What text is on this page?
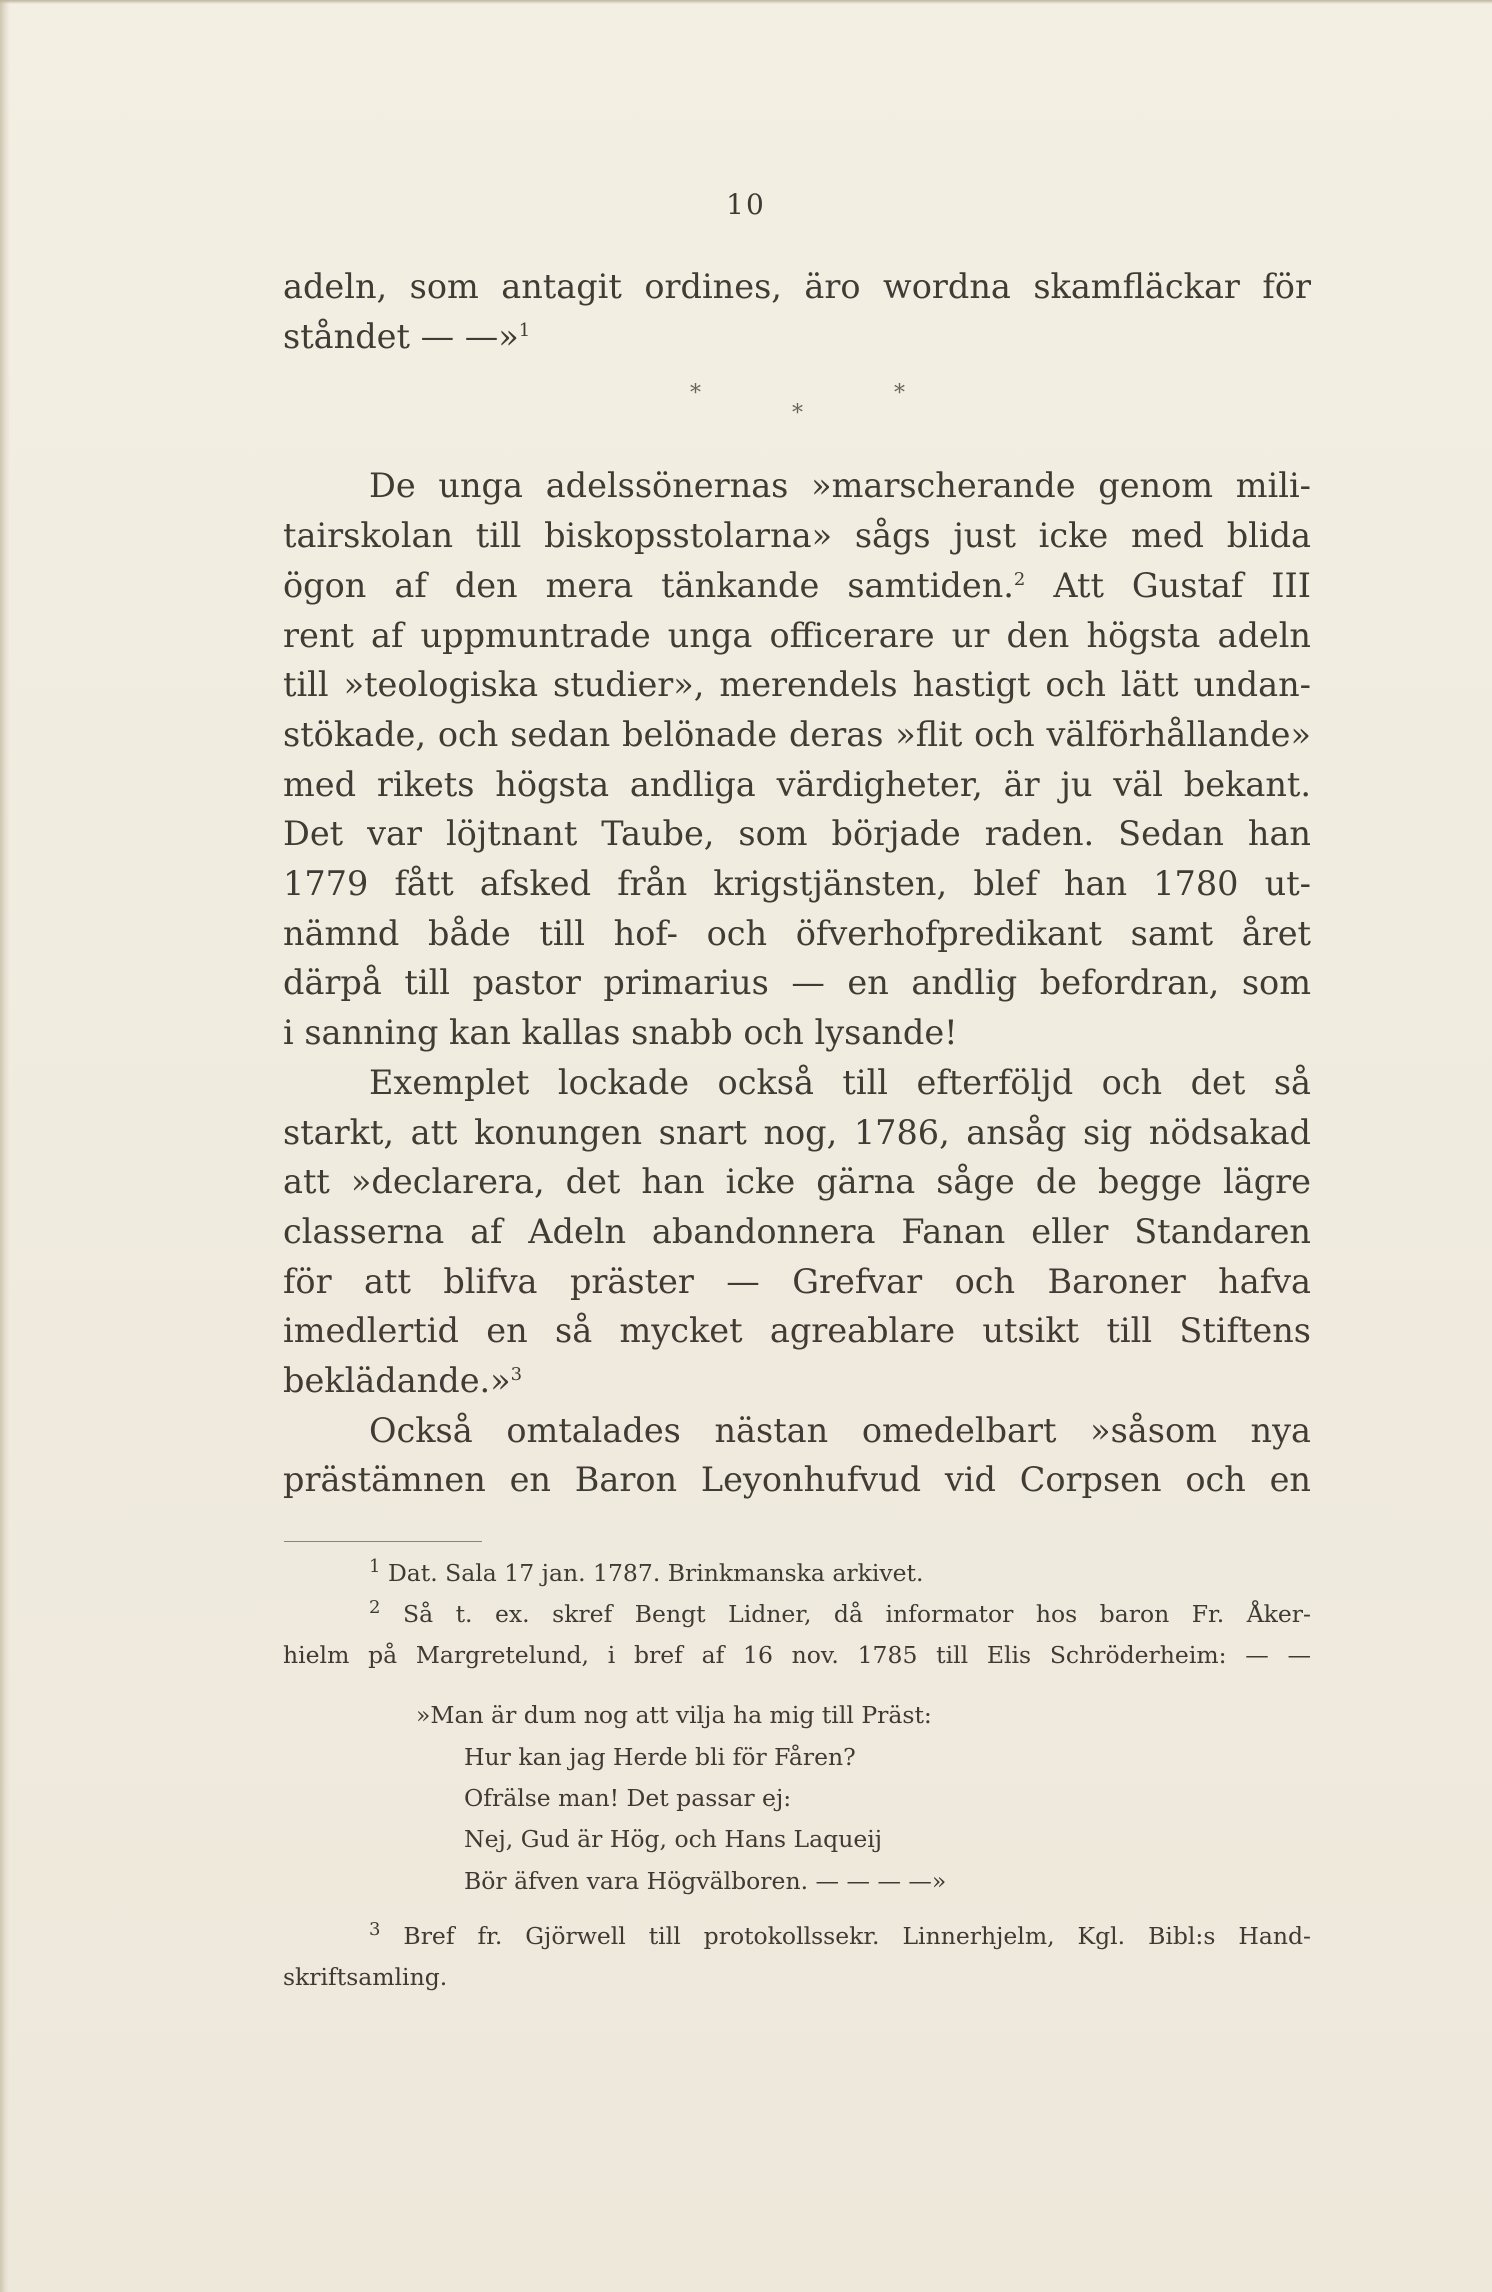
10
adeln, som antagit ordines, äro wordna skamfläckar för
ståndet — —»$^1$
*	*
*
De unga adelssönernas »marscherande genom mili-
tairskolan till biskopsstolarna» sågs just icke med blida
ögon af den mera tänkande samtiden.$^2$ Att Gustaf III
rent af uppmuntrade unga officerare ur den högsta adeln
till »teologiska studier», merendels hastigt och lätt undan-
stökade, och sedan belönade deras »flit och välförhållande»
med rikets högsta andliga värdigheter, är ju väl bekant.
Det var löjtnant Taube, som började raden. Sedan han
1779 fått afsked från krigstjänsten, blef han 1780 ut-
nämnd både till hof- och öfverhofpredikant samt året
därpå till pastor primarius — en andlig befordran, som
i sanning kan kallas snabb och lysande!
Exemplet lockade också till efterföljd och det så
starkt, att konungen snart nog, 1786, ansåg sig nödsakad
att »declarera, det han icke gärna såge de begge lägre
classerna af Adeln abandonnera Fanan eller Standaren
för att blifva präster — Grefvar och Baroner hafva
imedlertid en så mycket agreablare utsikt till Stiftens
beklädande.»$^3$
Också omtalades nästan omedelbart »såsom nya
prästämnen en Baron Leyonhufvud vid Corpsen och en
$^1$ Dat. Sala 17 jan. 1787. Brinkmanska arkivet.
$^2$ Så t. ex. skref Bengt Lidner, då informator hos baron Fr. Åker-
hielm på Margretelund, i bref af 16 nov. 1785 till Elis Schröderheim: — —
»Man är dum nog att vilja ha mig till Präst:
Hur kan jag Herde bli för Fåren?
Ofrälse man! Det passar ej:
Nej, Gud är Hög, och Hans Laqueij
Bör äfven vara Högvälboren. — — — —»
$^3$ Bref fr. Gjörwell till protokollssekr. Linnerhjelm, Kgl. Bibl:s Hand-
skriftsamling.
